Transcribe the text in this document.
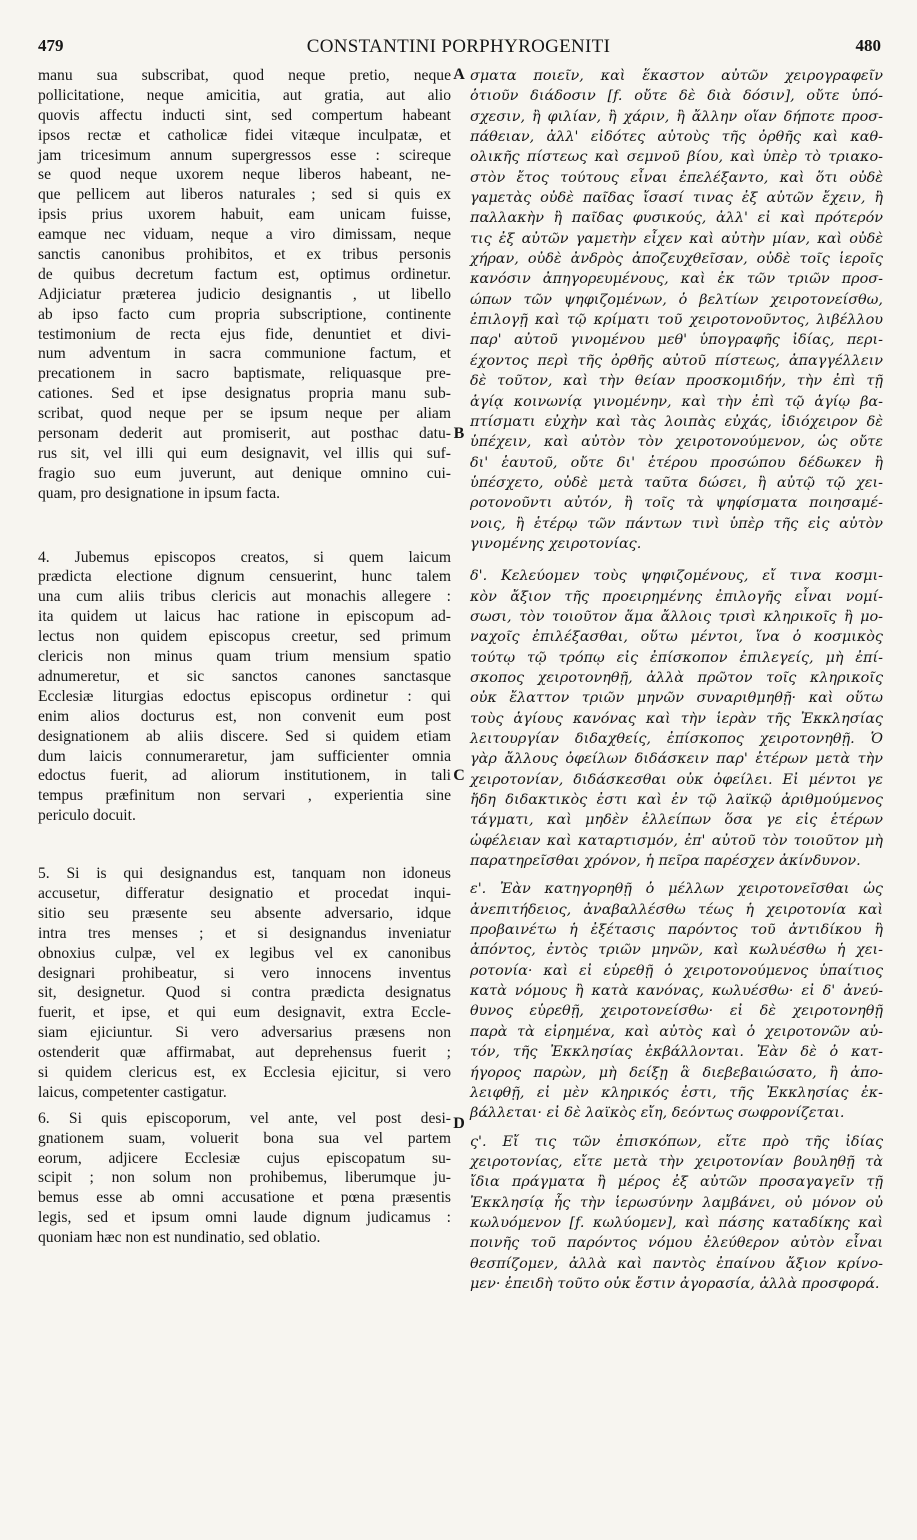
479	CONSTANTINI PORPHYROGENITI	480
manu sua subscribat, quod neque pretio, neque
pollicitatione, neque amicitia, aut gratia, aut alio
quovis affectu inducti sint, sed compertum habeant
ipsos rectæ et catholicæ fidei vitæque inculpatæ, et
jam tricesimum annum supergressos esse : scireque
se quod neque uxorem neque liberos habeant, ne-
que pellicem aut liberos naturales ; sed si quis ex
ipsis prius uxorem habuit, eam unicam fuisse,
eamque nec viduam, neque a viro dimissam, neque
sanctis canonibus prohibitos, et ex tribus personis
de quibus decretum factum est, optimus ordinetur.
Adjiciatur præterea judicio designantis , ut libello
ab ipso facto cum propria subscriptione, continente
testimonium de recta ejus fide, denuntiet et divi-
num adventum in sacra communione factum, et
precationem in sacro baptismate, reliquasque pre-
cationes. Sed et ipse designatus propria manu sub-
scribat, quod neque per se ipsum neque per aliam
personam dederit aut promiserit, aut posthac datu-
rus sit, vel illi qui eum designavit, vel illis qui suf-
fragio suo eum juverunt, aut denique omnino cui-
quam, pro designatione in ipsum facta.
4. Jubemus episcopos creatos, si quem laicum
prædicta electione dignum censuerint, hunc talem
una cum aliis tribus clericis aut monachis allegere :
ita quidem ut laicus hac ratione in episcopum ad-
lectus non quidem episcopus creetur, sed primum
clericis non minus quam trium mensium spatio
adnumeretur, et sic sanctos canones sanctasque
Ecclesiæ liturgias edoctus episcopus ordinetur : qui
enim alios docturus est, non convenit eum post
designationem ab aliis discere. Sed si quidem etiam
dum laicis connumeraretur, jam sufficienter omnia
edoctus fuerit, ad aliorum institutionem, in tali
tempus præfinitum non servari , experientia sine
periculo docuit.
5. Si is qui designandus est, tanquam non idoneus
accusetur, differatur designatio et procedat inqui-
sitio seu præsente seu absente adversario, idque
intra tres menses ; et si designandus inveniatur
obnoxius culpæ, vel ex legibus vel ex canonibus
designari prohibeatur, si vero innocens inventus
sit, designetur. Quod si contra prædicta designatus
fuerit, et ipse, et qui eum designavit, extra Eccle-
siam ejiciuntur. Si vero adversarius præsens non
ostenderit quæ affirmabat, aut deprehensus fuerit ;
si quidem clericus est, ex Ecclesia ejicitur, si vero
laicus, competenter castigatur.
6. Si quis episcoporum, vel ante, vel post desi-
gnationem suam, voluerit bona sua vel partem
eorum, adjicere Ecclesiæ cujus episcopatum su-
scipit ; non solum non prohibemus, liberumque ju-
bemus esse ab omni accusatione et pœna præsentis
legis, sed et ipsum omni laude dignum judicamus :
quoniam hæc non est nundinatio, sed oblatio.
σματα ποιεῖν, καὶ ἕκαστον αὐτῶν χειρογραφεῖν
ὁτιοῦν διάδοσιν [f. οὔτε δὲ διὰ δόσιν], οὔτε ὑπό-
σχεσιν, ἢ φιλίαν, ἢ χάριν, ἢ ἄλλην οἵαν δήποτε προσ-
πάθειαν, ἀλλ' εἰδότες αὐτοὺς τῆς ὀρθῆς καὶ καθ-
ολικῆς πίστεως καὶ σεμνοῦ βίου, καὶ ὑπὲρ τὸ τριακο-
στὸν ἔτος τούτους εἶναι ἐπελέξαντο, καὶ ὅτι οὐδὲ
γαμετὰς οὐδὲ παῖδας ἴσασί τινας ἐξ αὐτῶν ἔχειν, ἢ
παλλακὴν ἢ παῖδας φυσικούς, ἀλλ' εἰ καὶ πρότερόν
τις ἐξ αὐτῶν γαμετὴν εἶχεν καὶ αὐτὴν μίαν, καὶ οὐδὲ
χήραν, οὐδὲ ἀνδρὸς ἀποζευχθεῖσαν, οὐδὲ τοῖς ἱεροῖς
κανόσιν ἀπηγορευμένους, καὶ ἐκ τῶν τριῶν προσ-
ώπων τῶν ψηφιζομένων, ὁ βελτίων χειροτονείσθω,
ἐπιλογῇ καὶ τῷ κρίματι τοῦ χειροτονοῦντος, λιβέλλου
παρ' αὐτοῦ γινομένου μεθ' ὑπογραφῆς ἰδίας, περι-
έχοντος περὶ τῆς ὀρθῆς αὐτοῦ πίστεως, ἀπαγγέλλειν
δὲ τοῦτον, καὶ τὴν θείαν προσκομιδήν, τὴν ἐπὶ τῇ
ἁγίᾳ κοινωνίᾳ γινομένην, καὶ τὴν ἐπὶ τῷ ἁγίῳ βα-
πτίσματι εὐχὴν καὶ τὰς λοιπὰς εὐχάς, ἰδιόχειρον δὲ
ὑπέχειν, καὶ αὐτὸν τὸν χειροτονούμενον, ὡς οὔτε
δι' ἑαυτοῦ, οὔτε δι' ἑτέρου προσώπου δέδωκεν ἢ
ὑπέσχετο, οὐδὲ μετὰ ταῦτα δώσει, ἢ αὐτῷ τῷ χει-
ροτονοῦντι αὐτόν, ἢ τοῖς τὰ ψηφίσματα ποιησαμέ-
νοις, ἢ ἑτέρῳ τῶν πάντων τινὶ ὑπὲρ τῆς εἰς αὐτὸν
γινομένης χειροτονίας.
δ'. Κελεύομεν τοὺς ψηφιζομένους, εἴ τινα κοσμι-
κὸν ἄξιον τῆς προειρημένης ἐπιλογῆς εἶναι νομί-
σωσι, τὸν τοιοῦτον ἅμα ἄλλοις τρισὶ κληρικοῖς ἢ μο-
ναχοῖς ἐπιλέξασθαι, οὕτω μέντοι, ἵνα ὁ κοσμικὸς
τούτῳ τῷ τρόπῳ εἰς ἐπίσκοπον ἐπιλεγείς, μὴ ἐπί-
σκοπος χειροτονηθῇ, ἀλλὰ πρῶτον τοῖς κληρικοῖς
οὐκ ἔλαττον τριῶν μηνῶν συναριθμηθῇ· καὶ οὕτω
τοὺς ἁγίους κανόνας καὶ τὴν ἱερὰν τῆς Ἐκκλησίας
λειτουργίαν διδαχθείς, ἐπίσκοπος χειροτονηθῇ. Ὁ
γὰρ ἄλλους ὀφείλων διδάσκειν παρ' ἑτέρων μετὰ τὴν
χειροτονίαν, διδάσκεσθαι οὐκ ὀφείλει. Εἰ μέντοι γε
ἤδη διδακτικὸς ἐστι καὶ ἐν τῷ λαϊκῷ ἀριθμούμενος
τάγματι, καὶ μηδὲν ἐλλείπων ὅσα γε εἰς ἑτέρων
ὠφέλειαν καὶ καταρτισμόν, ἐπ' αὐτοῦ τὸν τοιοῦτον μὴ
παρατηρεῖσθαι χρόνον, ἡ πεῖρα παρέσχεν ἀκίνδυνον.
ε'. Ἐὰν κατηγορηθῇ ὁ μέλλων χειροτονεῖσθαι ὡς
ἀνεπιτήδειος, ἀναβαλλέσθω τέως ἡ χειροτονία καὶ
προβαινέτω ἡ ἐξέτασις παρόντος τοῦ ἀντιδίκου ἢ
ἀπόντος, ἐντὸς τριῶν μηνῶν, καὶ κωλυέσθω ἡ χει-
ροτονία· καὶ εἰ εὑρεθῇ ὁ χειροτονούμενος ὑπαίτιος
κατὰ νόμους ἢ κατὰ κανόνας, κωλυέσθω· εἰ δ' ἀνεύ-
θυνος εὑρεθῇ, χειροτονείσθω· εἰ δὲ χειροτονηθῇ
παρὰ τὰ εἰρημένα, καὶ αὐτὸς καὶ ὁ χειροτονῶν αὐ-
τόν, τῆς Ἐκκλησίας ἐκβάλλονται. Ἐὰν δὲ ὁ κατ-
ήγορος παρὼν, μὴ δείξῃ ἃ διεβεβαιώσατο, ἢ ἀπο-
λειφθῇ, εἰ μὲν κληρικός ἐστι, τῆς Ἐκκλησίας ἐκ-
βάλλεται· εἰ δὲ λαϊκὸς εἴη, δεόντως σωφρονίζεται.
ς'. Εἴ τις τῶν ἐπισκόπων, εἴτε πρὸ τῆς ἰδίας
χειροτονίας, εἴτε μετὰ τὴν χειροτονίαν βουληθῇ τὰ
ἴδια πράγματα ἢ μέρος ἐξ αὐτῶν προσαγαγεῖν τῇ
Ἐκκλησίᾳ ἧς τὴν ἱερωσύνην λαμβάνει, οὐ μόνον οὐ
κωλυόμενον [f. κωλύομεν], καὶ πάσης καταδίκης καὶ
ποινῆς τοῦ παρόντος νόμου ἐλεύθερον αὐτὸν εἶναι
θεσπίζομεν, ἀλλὰ καὶ παντὸς ἐπαίνου ἄξιον κρίνο-
μεν· ἐπειδὴ τοῦτο οὐκ ἔστιν ἀγορασία, ἀλλὰ προσφορά.
A
B
C
D
